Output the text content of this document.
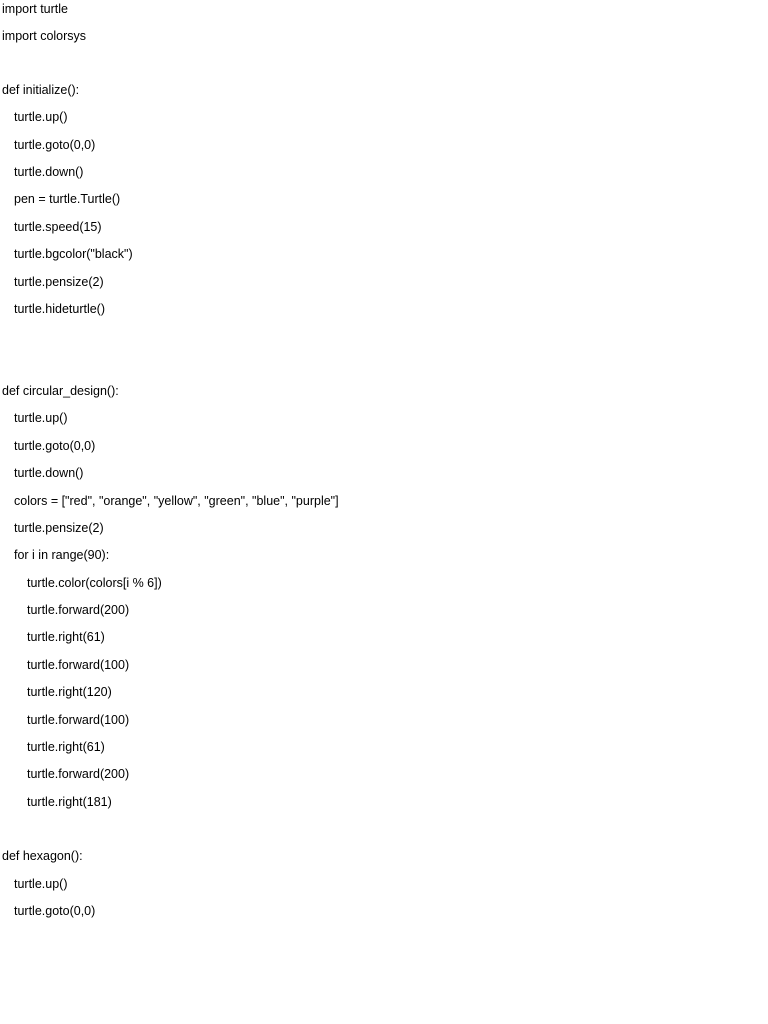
import turtle
import colorsys
def initialize():
turtle.up()
turtle.goto(0,0)
turtle.down()
pen = turtle.Turtle()
turtle.speed(15)
turtle.bgcolor("black")
turtle.pensize(2)
turtle.hideturtle()
def circular_design():
turtle.up()
turtle.goto(0,0)
turtle.down()
colors = ["red", "orange", "yellow", "green", "blue", "purple"]
turtle.pensize(2)
for i in range(90):
turtle.color(colors[i % 6])
turtle.forward(200)
turtle.right(61)
turtle.forward(100)
turtle.right(120)
turtle.forward(100)
turtle.right(61)
turtle.forward(200)
turtle.right(181)
def hexagon():
turtle.up()
turtle.goto(0,0)
